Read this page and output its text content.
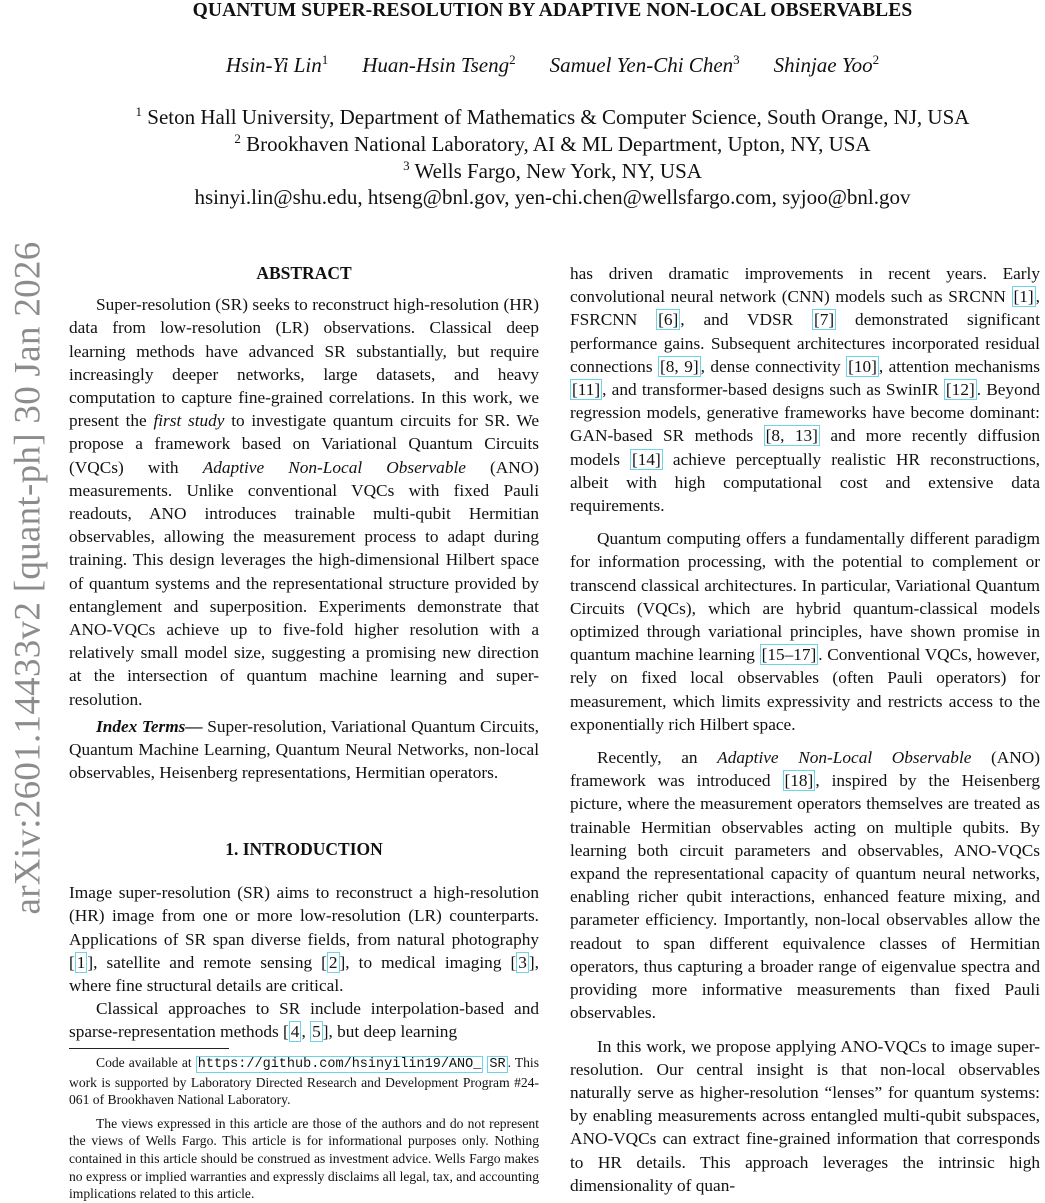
arXiv:2601.14433v2 [quant-ph] 30 Jan 2026
QUANTUM SUPER-RESOLUTION BY ADAPTIVE NON-LOCAL OBSERVABLES
Hsin-Yi Lin$^1$ Huan-Hsin Tseng$^2$ Samuel Yen-Chi Chen$^3$ Shinjae Yoo$^2$
$^1$ Seton Hall University, Department of Mathematics & Computer Science, South Orange, NJ, USA
$^2$ Brookhaven National Laboratory, AI & ML Department, Upton, NY, USA
$^3$ Wells Fargo, New York, NY, USA
hsinyi.lin@shu.edu, htseng@bnl.gov, yen-chi.chen@wellsfargo.com, syjoo@bnl.gov

ABSTRACT

Super-resolution (SR) seeks to reconstruct high-resolution (HR) data from low-resolution (LR) observations. Classical deep learning methods have advanced SR substantially, but require increasingly deeper networks, large datasets, and heavy computation to capture fine-grained correlations. In this work, we present the first study to investigate quantum circuits for SR. We propose a framework based on Variational Quantum Circuits (VQCs) with Adaptive Non-Local Observable (ANO) measurements. Unlike conventional VQCs with fixed Pauli readouts, ANO introduces trainable multi-qubit Hermitian observables, allowing the measurement process to adapt during training. This design leverages the high-dimensional Hilbert space of quantum systems and the representational structure provided by entanglement and superposition. Experiments demonstrate that ANO-VQCs achieve up to five-fold higher resolution with a relatively small model size, suggesting a promising new direction at the intersection of quantum machine learning and super-resolution.

Index Terms— Super-resolution, Variational Quantum Circuits, Quantum Machine Learning, Quantum Neural Networks, non-local observables, Heisenberg representations, Hermitian operators.

1. INTRODUCTION

Image super-resolution (SR) aims to reconstruct a high-resolution (HR) image from one or more low-resolution (LR) counterparts. Applications of SR span diverse fields, from natural photography [ 1 ], satellite and remote sensing [ 2 ], to medical imaging [ 3 ], where fine structural details are critical.

Classical approaches to SR include interpolation-based and sparse-representation methods [ 4 , 5 ], but deep learning

Code available at https://github.com/hsinyilin19/ANO_ SR . This work is supported by Laboratory Directed Research and Development Program #24-061 of Brookhaven National Laboratory.

The views expressed in this article are those of the authors and do not represent the views of Wells Fargo. This article is for informational purposes only. Nothing contained in this article should be construed as investment advice. Wells Fargo makes no express or implied warranties and expressly disclaims all legal, tax, and accounting implications related to this article.

has driven dramatic improvements in recent years. Early convolutional neural network (CNN) models such as SRCNN [1] , FSRCNN [6] , and VDSR [7] demonstrated significant performance gains. Subsequent architectures incorporated residual connections [8, 9] , dense connectivity [10] , attention mechanisms [11] , and transformer-based designs such as SwinIR [12] . Beyond regression models, generative frameworks have become dominant: GAN-based SR methods [8, 13] and more recently diffusion models [14] achieve perceptually realistic HR reconstructions, albeit with high computational cost and extensive data requirements.

Quantum computing offers a fundamentally different paradigm for information processing, with the potential to complement or transcend classical architectures. In particular, Variational Quantum Circuits (VQCs), which are hybrid quantum-classical models optimized through variational principles, have shown promise in quantum machine learning [15–17] . Conventional VQCs, however, rely on fixed local observables (often Pauli operators) for measurement, which limits expressivity and restricts access to the exponentially rich Hilbert space.

Recently, an Adaptive Non-Local Observable (ANO) framework was introduced [18] , inspired by the Heisenberg picture, where the measurement operators themselves are treated as trainable Hermitian observables acting on multiple qubits. By learning both circuit parameters and observables, ANO-VQCs expand the representational capacity of quantum neural networks, enabling richer qubit interactions, enhanced feature mixing, and parameter efficiency. Importantly, non-local observables allow the readout to span different equivalence classes of Hermitian operators, thus capturing a broader range of eigenvalue spectra and providing more informative measurements than fixed Pauli observables.

In this work, we propose applying ANO-VQCs to image super-resolution. Our central insight is that non-local observables naturally serve as higher-resolution “lenses” for quantum systems: by enabling measurements across entangled multi-qubit subspaces, ANO-VQCs can extract fine-grained information that corresponds to HR details. This approach leverages the intrinsic high dimensionality of quan-
